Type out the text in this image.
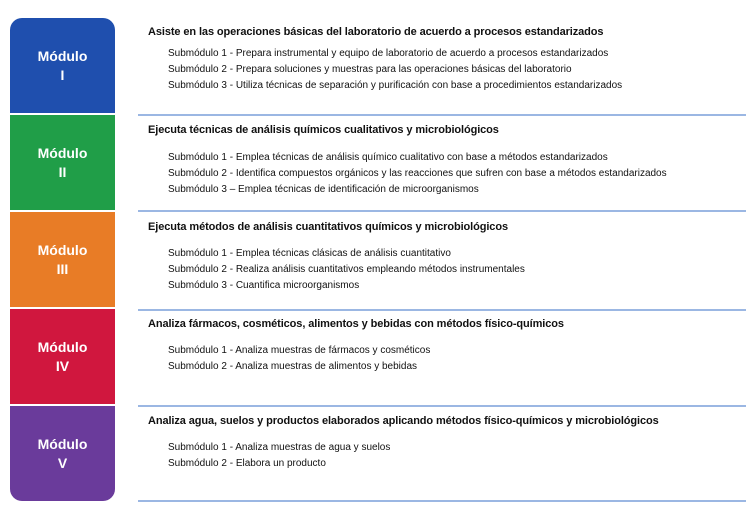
Módulo
I

Asiste en las operaciones básicas del laboratorio de acuerdo a procesos estandarizados

Submódulo 1 - Prepara instrumental y equipo de laboratorio de acuerdo a procesos estandarizados
Submódulo 2 - Prepara soluciones y muestras para las operaciones básicas del laboratorio
Submódulo 3 - Utiliza técnicas de separación y purificación con base a procedimientos estandarizados
Módulo
II

Ejecuta técnicas de análisis químicos cualitativos y microbiológicos

Submódulo 1 - Emplea técnicas de análisis químico cualitativo con base a métodos estandarizados
Submódulo 2 - Identifica compuestos orgánicos y las reacciones que sufren con base a métodos estandarizados
Submódulo 3 – Emplea técnicas de identificación de microorganismos
Módulo
III

Ejecuta métodos de análisis cuantitativos químicos y microbiológicos

Submódulo 1 - Emplea técnicas clásicas de análisis cuantitativo
Submódulo 2 - Realiza análisis cuantitativos empleando métodos instrumentales
Submódulo 3 - Cuantifica microorganismos
Módulo
IV

Analiza fármacos, cosméticos, alimentos y bebidas con métodos físico-químicos

Submódulo 1 - Analiza muestras de fármacos y cosméticos
Submódulo 2 - Analiza muestras de alimentos y bebidas
Módulo
V

Analiza agua, suelos y productos elaborados aplicando métodos físico-químicos y microbiológicos

Submódulo 1 - Analiza muestras de agua y suelos
Submódulo 2 - Elabora un producto
